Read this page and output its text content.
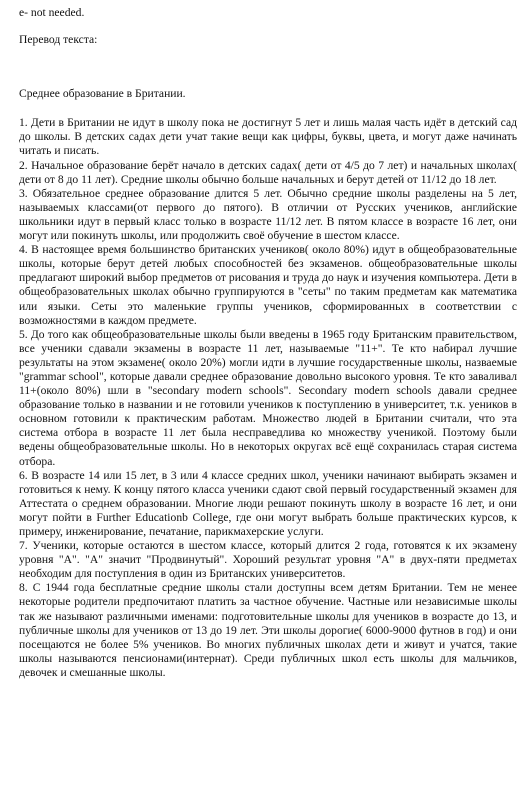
e- not needed.
Перевод текста:
Среднее образование в Британии.

1. Дети в Британии не идут в школу пока не достигнут 5 лет и лишь малая часть идёт в детский сад до школы. В детских садах дети учат такие вещи как цифры, буквы, цвета, и могут даже начинать читать и писать.

2. Начальное образование берёт начало в детских садах( дети от 4/5 до 7 лет) и начальных школах( дети от 8 до 11 лет). Средние школы обычно больше начальных и берут детей от 11/12 до 18 лет.

3. Обязательное среднее образование длится 5 лет. Обычно средние школы разделены на 5 лет, называемых классами(от первого до пятого). В отличии от Русских учеников, английские школьники идут в первый класс только в возрасте 11/12 лет. В пятом классе в возрасте 16 лет, они могут или покинуть школы, или продолжить своё обучение в шестом классе.

4. В настоящее время большинство британских учеников( около 80%) идут в общеобразовательные школы, которые берут детей любых способностей без экзаменов. общеобразовательные школы предлагают широкий выбор предметов от рисования и труда до наук и изучения компьютера. Дети в общеобразовательных школах обычно группируются в "сеты" по таким предметам как математика или языки. Сеты это маленькие группы учеников, сформированных в соответствии с возможностями в каждом предмете.

5. До того как общеобразовательные школы были введены в 1965 году Британским правительством, все ученики сдавали экзамены в возрасте 11 лет, называемые "11+". Те кто набирал лучшие результаты на этом экзамене( около 20%) могли идти в лучшие государственные школы, назваемые "grammar school", которые давали среднее образование довольно высокого уровня. Те кто заваливал 11+(около 80%) шли в "secondary modern schools". Secondary modern schools давали среднее образование только в названии и не готовили учеников к поступлению в университет, т.к. уеников в основном готовили к практическим работам. Множество людей в Британии считали, что эта система отбора в возрасте 11 лет была несправедлива ко множеству ученикой. Поэтому были ведены общеобразовательные школы. Но в некоторых округах всё ещё сохранилась старая система отбора.

6. В возрасте 14 или 15 лет, в 3 или 4 классе средних школ, ученики начинают выбирать экзамен и готовиться к нему. К концу пятого класса ученики сдают свой первый государственный экзамен для Аттестата о среднем образовании. Многие люди решают покинуть школу в возрасте 16 лет, и они могут пойти в Further Educationb College, где они могут выбрать больше практических курсов, к примеру, инженирование, печатание, парикмахерские услуги.

7. Ученики, которые остаются в шестом классе, который длится 2 года, готовятся к их экзамену уровня "A". "A" значит "Продвинутый". Хороший результат уровня "A" в двух-пяти предметах необходим для поступления в один из Британских университетов.

8. С 1944 года бесплатные средние школы стали доступны всем детям Британии. Тем не менее некоторые родители предпочитают платить за частное обучение. Частные или независимые школы так же называют различными именами: подготовительные школы для учеников в возрасте до 13, и публичные школы для учеников от 13 до 19 лет. Эти школы дорогие( 6000-9000 футнов в год) и они посещаются не более 5% учеников. Во многих публичных школах дети и живут и учатся, такие школы называются пенсионами(интернат). Среди публичных школ есть школы для мальчиков, девочек и смешанные школы.
